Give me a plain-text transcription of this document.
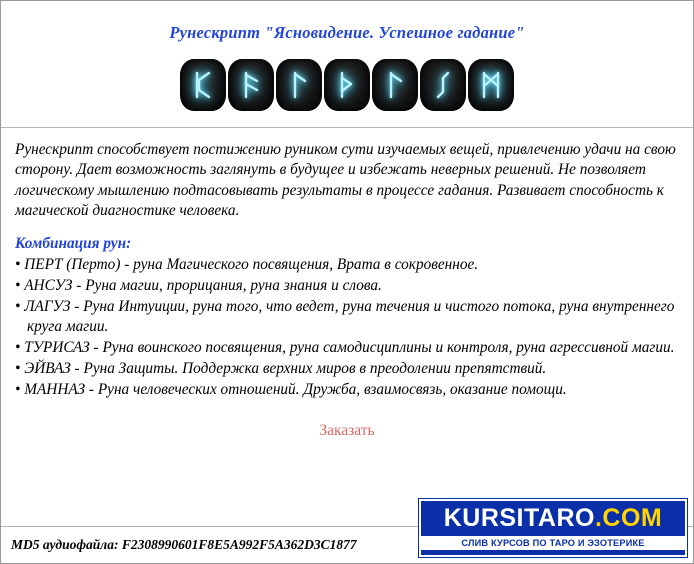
Рунескрипт "Ясновидение. Успешное гадание"

Рунескрипт способствует постижению руником сути изучаемых вещей, привлечению удачи на свою сторону. Дает возможность заглянуть в будущее и избежать неверных решений. Не позволяет логическому мышлению подтасовывать результаты в процессе гадания. Развивает способность к магической диагностике человека.

Комбинация рун:
• ПЕРТ (Перто) - руна Магического посвящения, Врата в сокровенное.
• АНСУЗ - Руна магии, прорицания, руна знания и слова.
• ЛАГУЗ - Руна Интуиции, руна того, что ведет, руна течения и чистого потока, руна внутреннего круга магии.
• ТУРИСАЗ - Руна воинского посвящения, руна самодисциплины и контроля, руна агрессивной магии.
• ЭЙВАЗ - Руна Защиты. Поддержка верхних миров в преодолении препятствий.
• МАННАЗ - Руна человеческих отношений. Дружба, взаимосвязь, оказание помощи.
Заказать
MD5 аудиофайла: F2308990601F8E5A992F5A362D3C1877
KURSITARO.COM
СЛИВ КУРСОВ ПО ТАРО И ЭЗОТЕРИКЕ
